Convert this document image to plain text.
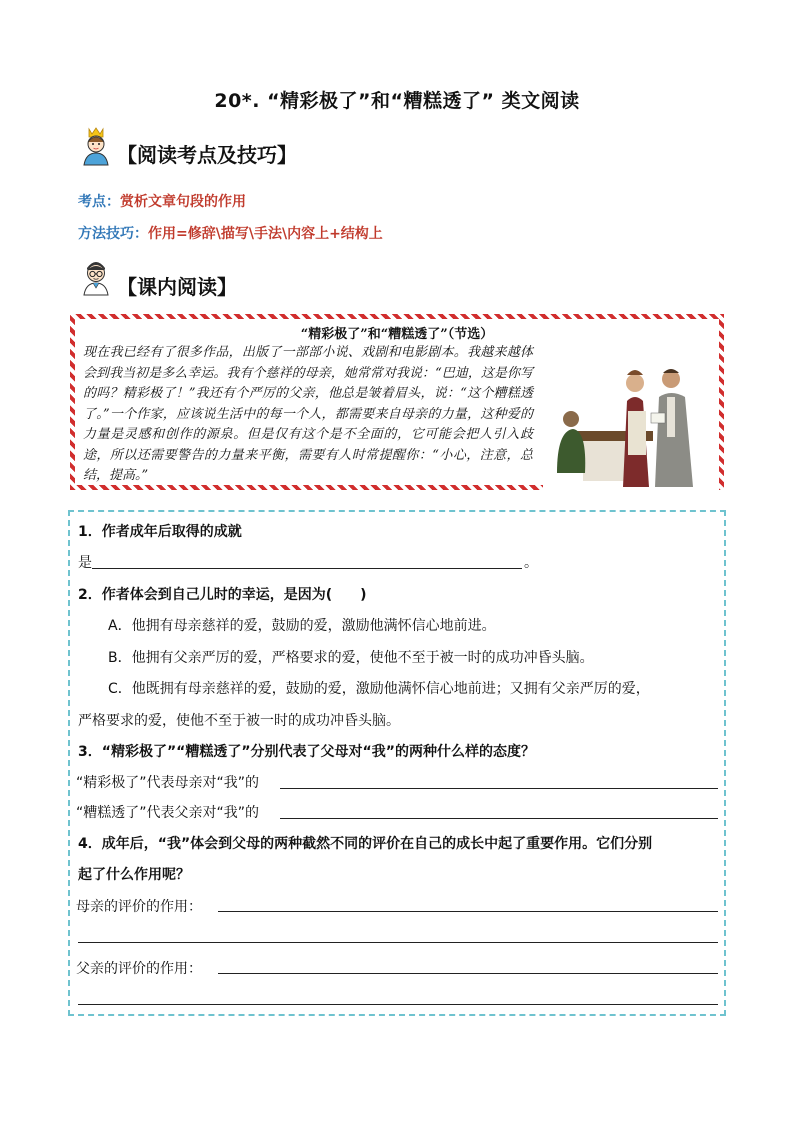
20*. “精彩极了”和“糟糕透了” 类文阅读
【阅读考点及技巧】
考点：赏析文章句段的作用
方法技巧：作用=修辞\描写\手法\内容上+结构上
【课内阅读】
“精彩极了”和“糟糕透了”（节选）
现在我已经有了很多作品，出版了一部部小说、戏剧和电影剧本。我越来越体会到我当初是多么幸运。我有个慈祥的母亲，她常常对我说：“巴迪，这是你写的吗？精彩极了！”我还有个严厉的父亲，他总是皱着眉头，说：“这个糟糕透了。”一个作家，应该说生活中的每一个人，都需要来自母亲的力量，这种爱的力量是灵感和创作的源泉。但是仅有这个是不全面的，它可能会把人引入歧途，所以还需要警告的力量来平衡，需要有人时常提醒你：“小心，注意，总结，提高。”
1．作者成年后取得的成就
是	。
2．作者体会到自己儿时的幸运，是因为(　　)
A．他拥有母亲慈祥的爱，鼓励的爱，激励他满怀信心地前进。
B．他拥有父亲严厉的爱，严格要求的爱，使他不至于被一时的成功冲昏头脑。
C．他既拥有母亲慈祥的爱，鼓励的爱，激励他满怀信心地前进；又拥有父亲严厉的爱，
严格要求的爱，使他不至于被一时的成功冲昏头脑。
3．“精彩极了”“糟糕透了”分别代表了父母对“我”的两种什么样的态度？
“精彩极了”代表母亲对“我”的
“糟糕透了”代表父亲对“我”的
4．成年后，“我”体会到父母的两种截然不同的评价在自己的成长中起了重要作用。它们分别
起了什么作用呢？
母亲的评价的作用：
父亲的评价的作用：
